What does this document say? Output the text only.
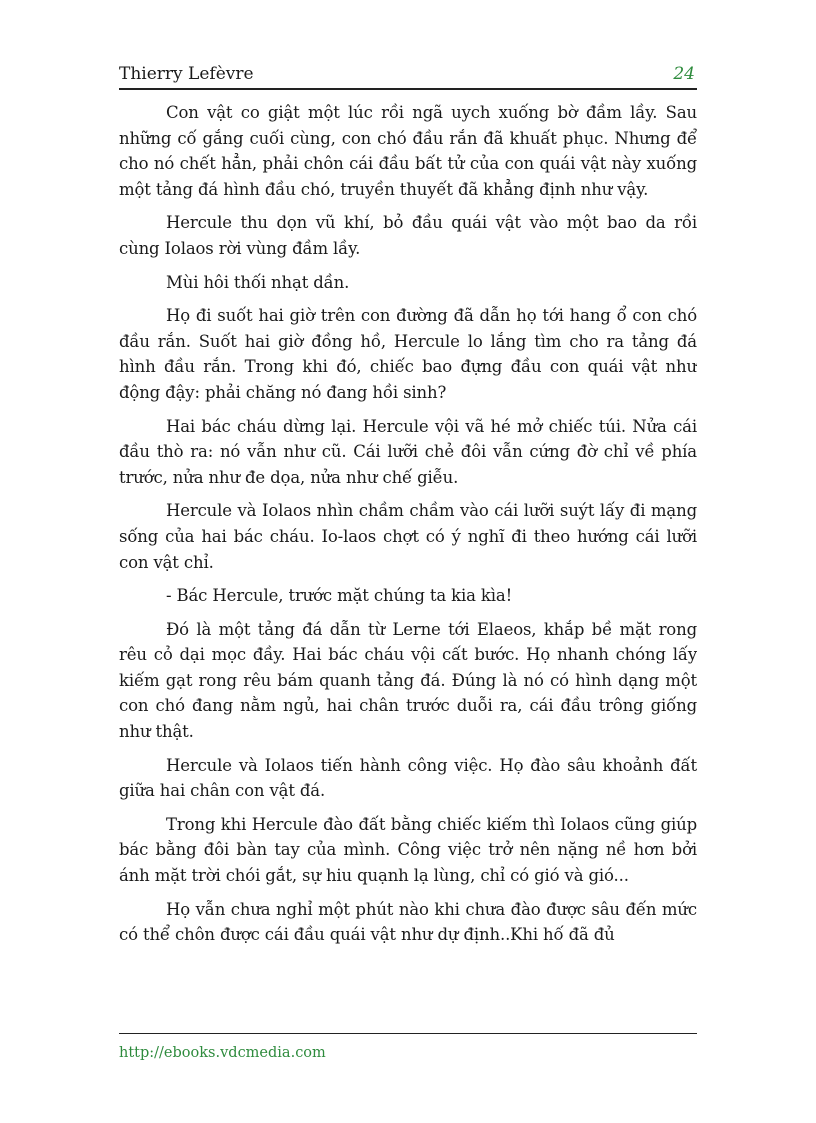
Thierry Lefèvre	24

Con vật co giật một lúc rồi ngã uych xuống bờ đầm lầy. Sau những cố gắng cuối cùng, con chó đầu rắn đã khuất phục. Nhưng để cho nó chết hẳn, phải chôn cái đầu bất tử của con quái vật này xuống một tảng đá hình đầu chó, truyền thuyết đã khẳng định như vậy.

Hercule thu dọn vũ khí, bỏ đầu quái vật vào một bao da rồi cùng Iolaos rời vùng đầm lầy.

Mùi hôi thối nhạt dần.

Họ đi suốt hai giờ trên con đường đã dẫn họ tới hang ổ con chó đầu rắn. Suốt hai giờ đồng hồ, Hercule lo lắng tìm cho ra tảng đá hình đầu rắn. Trong khi đó, chiếc bao đựng đầu con quái vật như động đậy: phải chăng nó đang hồi sinh?

Hai bác cháu dừng lại. Hercule vội vã hé mở chiếc túi. Nửa cái đầu thò ra: nó vẫn như cũ. Cái lưỡi chẻ đôi vẫn cứng đờ chỉ về phía trước, nửa như đe dọa, nửa như chế giễu.

Hercule và Iolaos nhìn chầm chầm vào cái lưỡi suýt lấy đi mạng sống của hai bác cháu. Io-laos chợt có ý nghĩ đi theo hướng cái lưỡi con vật chỉ.

- Bác Hercule, trước mặt chúng ta kia kìa!

Đó là một tảng đá dẫn từ Lerne tới Elaeos, khắp bề mặt rong rêu cỏ dại mọc đầy. Hai bác cháu vội cất bước. Họ nhanh chóng lấy kiếm gạt rong rêu bám quanh tảng đá. Đúng là nó có hình dạng một con chó đang nằm ngủ, hai chân trước duỗi ra, cái đầu trông giống như thật.

Hercule và Iolaos tiến hành công việc. Họ đào sâu khoảnh đất giữa hai chân con vật đá.

Trong khi Hercule đào đất bằng chiếc kiếm thì Iolaos cũng giúp bác bằng đôi bàn tay của mình. Công việc trở nên nặng nề hơn bởi ánh mặt trời chói gắt, sự hiu quạnh lạ lùng, chỉ có gió và gió...

Họ vẫn chưa nghỉ một phút nào khi chưa đào được sâu đến mức có thể chôn được cái đầu quái vật như dự định..Khi hố đã đủ

http://ebooks.vdcmedia.com
